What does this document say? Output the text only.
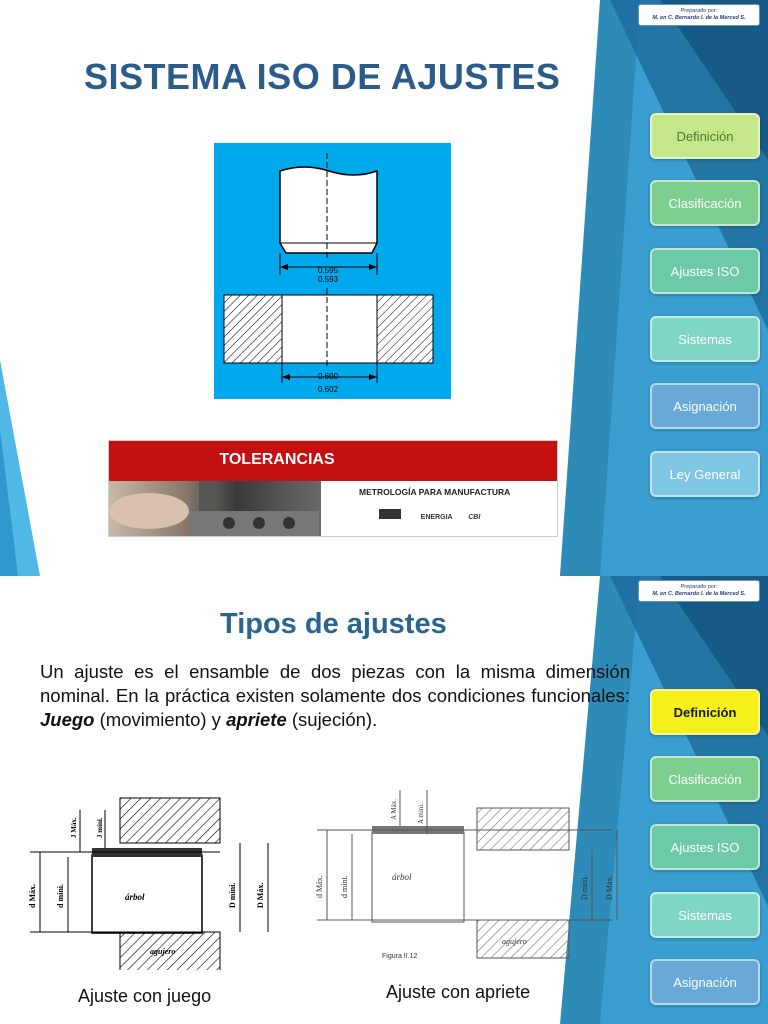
Preparado por:
M. en C. Bernardo I. de la Merced S.
SISTEMA ISO DE AJUSTES
0.595
0.593
0.600
0.602
TOLERANCIAS
METROLOGÍA PARA MANUFACTURA
ENERGIA CBI
Definición
Clasificación
Ajustes ISO
Sistemas
Asignación
Ley General
Preparado por:
M. en C. Bernardo I. de la Merced S.
Tipos de ajustes
Un ajuste es el ensamble de dos piezas con la misma dimensión nominal. En la práctica existen solamente dos condiciones funcionales: Juego (movimiento) y apriete (sujeción).
árbol
agujero
d Máx. d míni.	D míni. D Máx.
J Máx.	J míni.
Ajuste con juego
árbol
agujero
Figura II.12
d Máx. d míni.	D míni. D Máx.
A Máx.	A míni.
Ajuste con apriete
Definición
Clasificación
Ajustes ISO
Sistemas
Asignación
